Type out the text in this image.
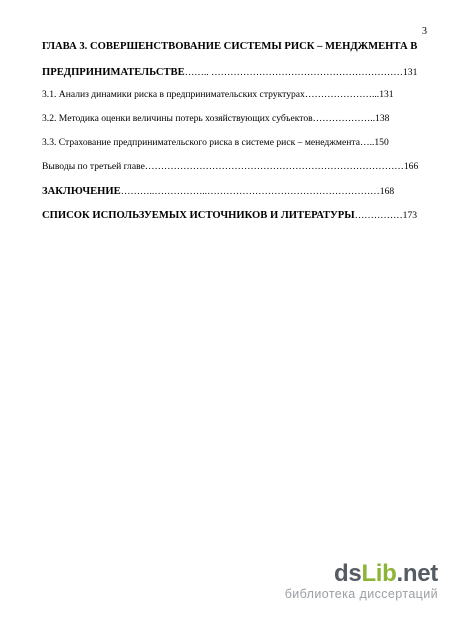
3
ГЛАВА 3. СОВЕРШЕНСТВОВАНИЕ СИСТЕМЫ РИСК – МЕНДЖМЕНТА В
ПРЕДПРИНИМАТЕЛЬСТВЕ…….. ……………………………………………………131
3.1. Анализ динамики риска в предпринимательских структурах…………………...131
3.2. Методика оценки величины потерь хозяйствующих субъектов………………..138
3.3. Страхование предпринимательского риска в системе риск – менеджмента…..150
Выводы по третьей главе………………………………………………………………………166
ЗАКЛЮЧЕНИЕ………..……………..………………………………………………168
СПИСОК ИСПОЛЬЗУЕМЫХ ИСТОЧНИКОВ И ЛИТЕРАТУРЫ……………173
dsLib.net
библиотека диссертаций
